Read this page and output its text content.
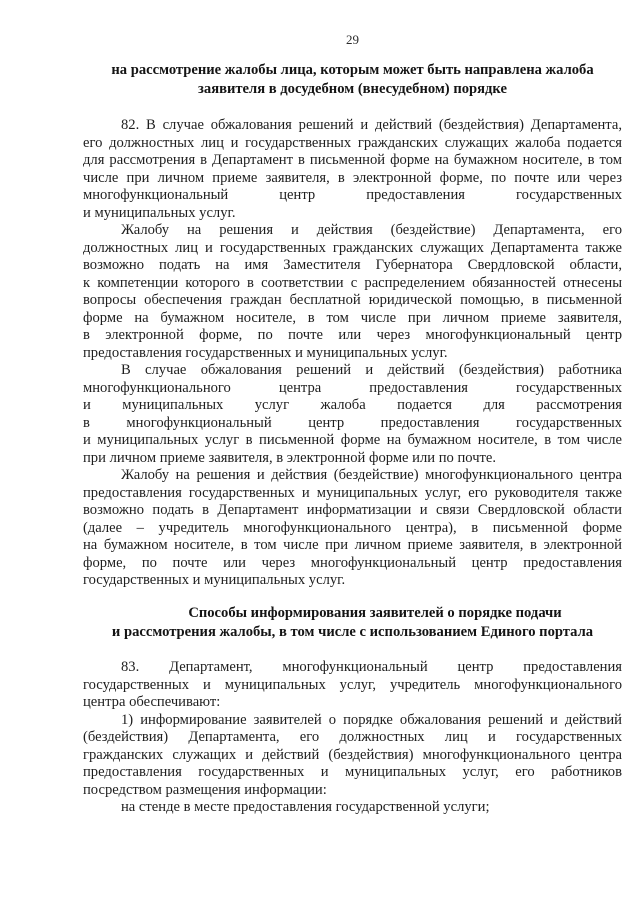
29
на рассмотрение жалобы лица, которым может быть направлена жалоба
заявителя в досудебном (внесудебном) порядке
82. В случае обжалования решений и действий (бездействия) Департамента,
его должностных лиц и государственных гражданских служащих жалоба подается
для рассмотрения в Департамент в письменной форме на бумажном носителе, в том
числе при личном приеме заявителя, в электронной форме, по почте или через
многофункциональный центр предоставления государственных
и муниципальных услуг.
Жалобу на решения и действия (бездействие) Департамента, его
должностных лиц и государственных гражданских служащих Департамента также
возможно подать на имя Заместителя Губернатора Свердловской области,
к компетенции которого в соответствии с распределением обязанностей отнесены
вопросы обеспечения граждан бесплатной юридической помощью, в письменной
форме на бумажном носителе, в том числе при личном приеме заявителя,
в электронной форме, по почте или через многофункциональный центр
предоставления государственных и муниципальных услуг.
В случае обжалования решений и действий (бездействия) работника
многофункционального центра предоставления государственных
и муниципальных услуг жалоба подается для рассмотрения
в многофункциональный центр предоставления государственных
и муниципальных услуг в письменной форме на бумажном носителе, в том числе
при личном приеме заявителя, в электронной форме или по почте.
Жалобу на решения и действия (бездействие) многофункционального центра
предоставления государственных и муниципальных услуг, его руководителя также
возможно подать в Департамент информатизации и связи Свердловской области
(далее – учредитель многофункционального центра), в письменной форме
на бумажном носителе, в том числе при личном приеме заявителя, в электронной
форме, по почте или через многофункциональный центр предоставления
государственных и муниципальных услуг.
Способы информирования заявителей о порядке подачи
и рассмотрения жалобы, в том числе с использованием Единого портала
83. Департамент, многофункциональный центр предоставления
государственных и муниципальных услуг, учредитель многофункционального
центра обеспечивают:
1) информирование заявителей о порядке обжалования решений и действий
(бездействия) Департамента, его должностных лиц и государственных
гражданских служащих и действий (бездействия) многофункционального центра
предоставления государственных и муниципальных услуг, его работников
посредством размещения информации:
на стенде в месте предоставления государственной услуги;
